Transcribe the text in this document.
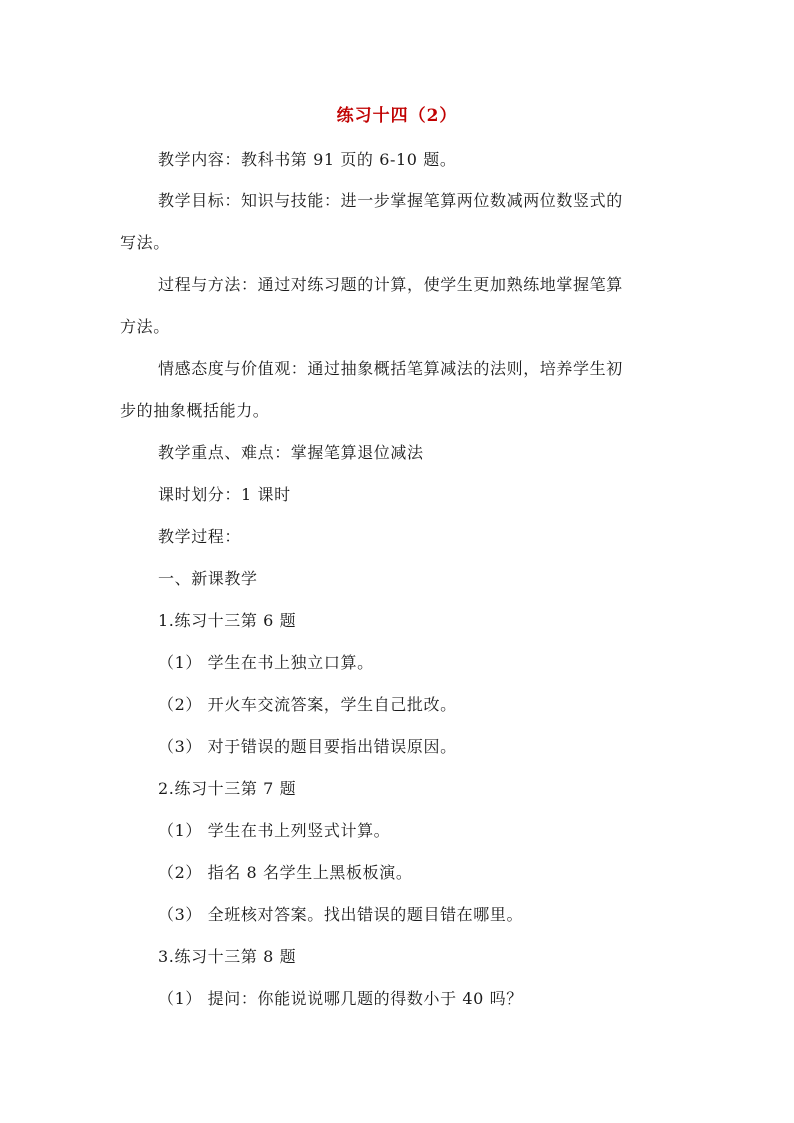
练习十四（2）
教学内容：教科书第 91 页的 6-10 题。
教学目标：知识与技能：进一步掌握笔算两位数减两位数竖式的
写法。
过程与方法：通过对练习题的计算，使学生更加熟练地掌握笔算
方法。
情感态度与价值观：通过抽象概括笔算减法的法则，培养学生初
步的抽象概括能力。
教学重点、难点：掌握笔算退位减法
课时划分：1 课时
教学过程：
一、新课教学
1.练习十三第 6 题
（1） 学生在书上独立口算。
（2） 开火车交流答案，学生自己批改。
（3） 对于错误的题目要指出错误原因。
2.练习十三第 7 题
（1） 学生在书上列竖式计算。
（2） 指名 8 名学生上黑板板演。
（3） 全班核对答案。找出错误的题目错在哪里。
3.练习十三第 8 题
（1） 提问：你能说说哪几题的得数小于 40 吗？
